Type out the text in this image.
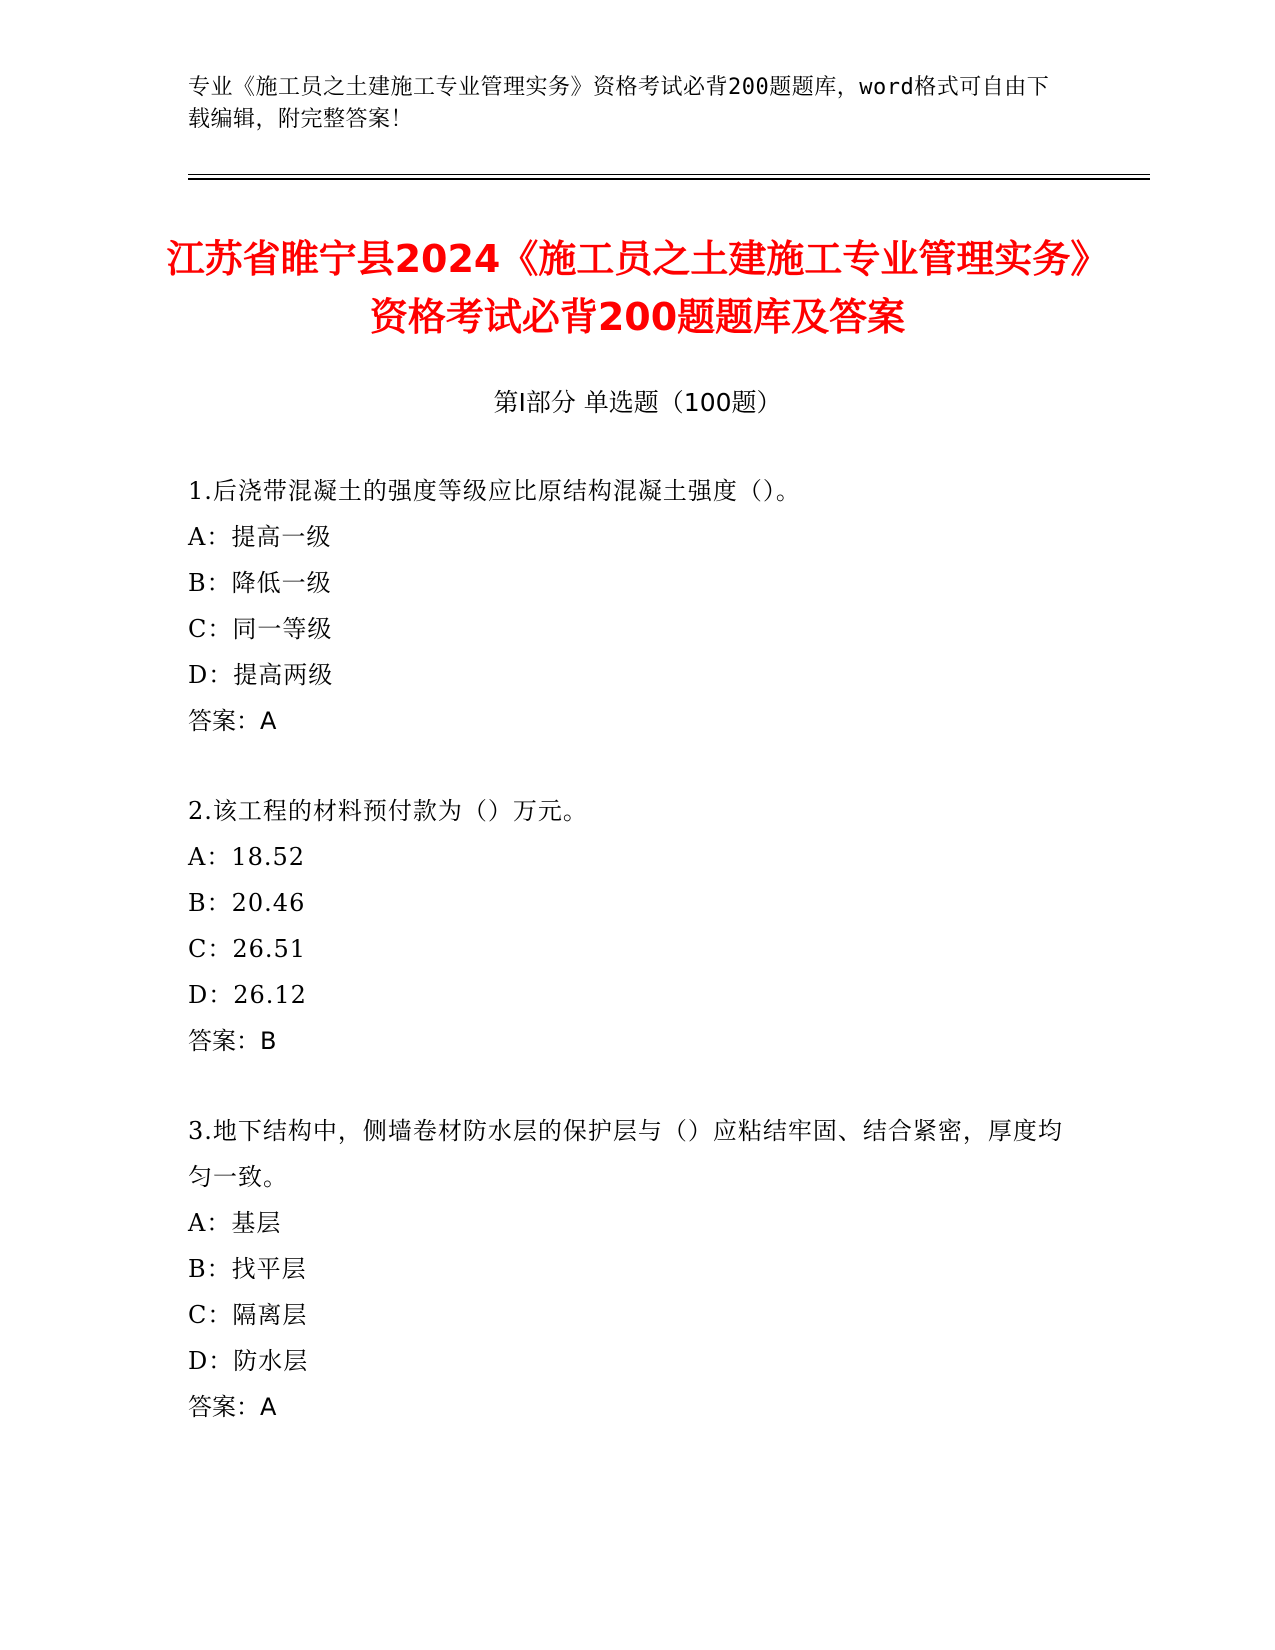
专业《施工员之土建施工专业管理实务》资格考试必背200题题库，word格式可自由下载编辑，附完整答案！
江苏省睢宁县2024《施工员之土建施工专业管理实务》资格考试必背200题题库及答案
第I部分 单选题（100题）
1.后浇带混凝土的强度等级应比原结构混凝土强度（）。
A：提高一级
B：降低一级
C：同一等级
D：提高两级
答案：A
2.该工程的材料预付款为（）万元。
A：18.52
B：20.46
C：26.51
D：26.12
答案：B
3.地下结构中，侧墙卷材防水层的保护层与（）应粘结牢固、结合紧密，厚度均匀一致。
A：基层
B：找平层
C：隔离层
D：防水层
答案：A
